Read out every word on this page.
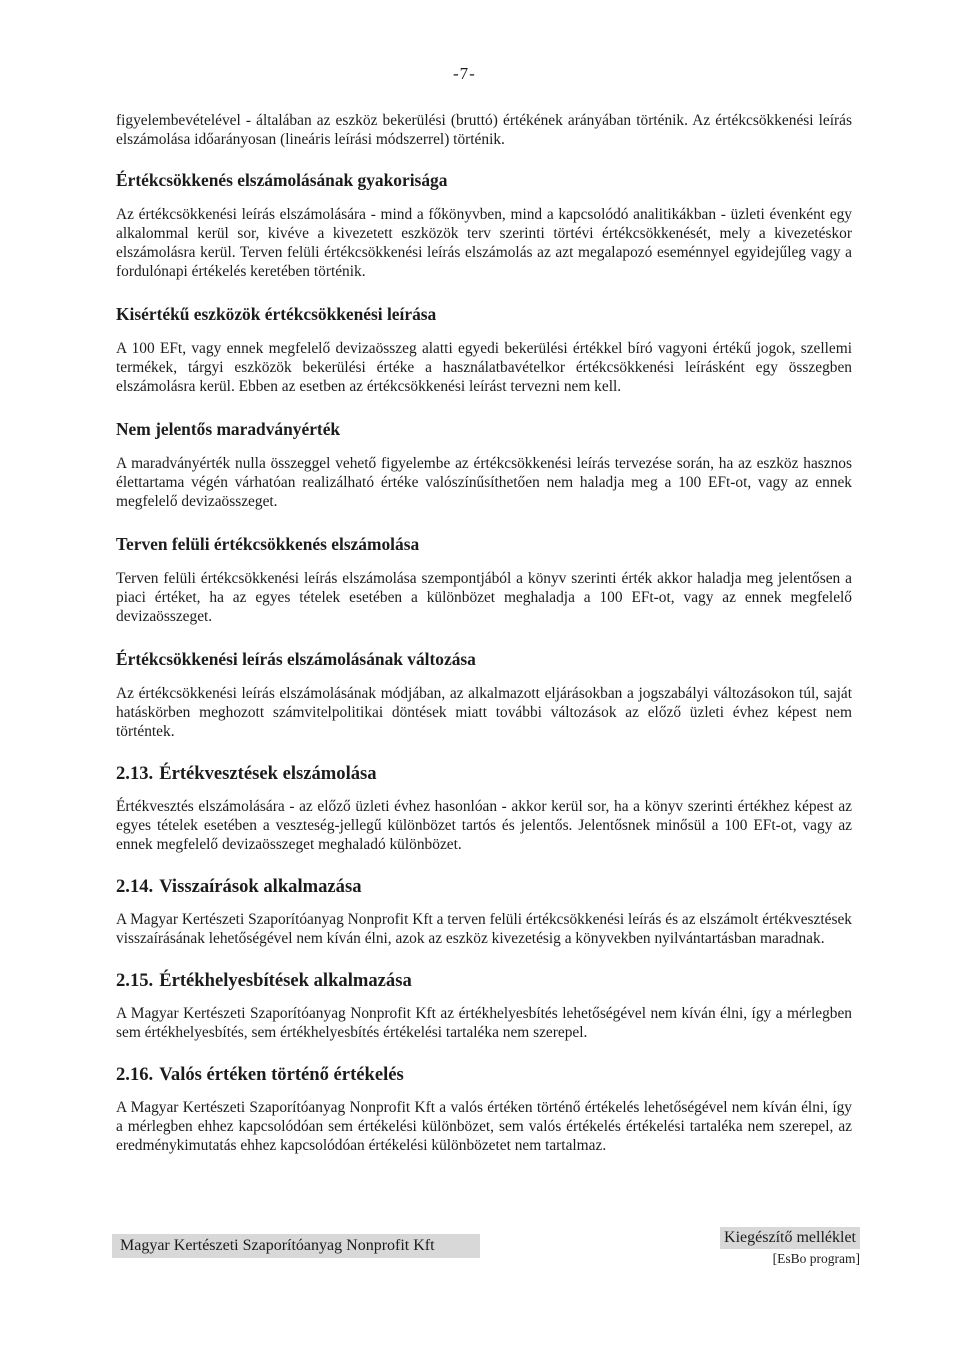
-7-

figyelembevételével - általában az eszköz bekerülési (bruttó) értékének arányában történik. Az értékcsökkenési leírás elszámolása időarányosan (lineáris leírási módszerrel) történik.

Értékcsökkenés elszámolásának gyakorisága

Az értékcsökkenési leírás elszámolására - mind a főkönyvben, mind a kapcsolódó analitikákban - üzleti évenként egy alkalommal kerül sor, kivéve a kivezetett eszközök terv szerinti törtévi értékcsökkenését, mely a kivezetéskor elszámolásra kerül. Terven felüli értékcsökkenési leírás elszámolás az azt megalapozó eseménnyel egyidejűleg vagy a fordulónapi értékelés keretében történik.

Kisértékű eszközök értékcsökkenési leírása

A 100 EFt, vagy ennek megfelelő devizaösszeg alatti egyedi bekerülési értékkel bíró vagyoni értékű jogok, szellemi termékek, tárgyi eszközök bekerülési értéke a használatbavételkor értékcsökkenési leírásként egy összegben elszámolásra kerül. Ebben az esetben az értékcsökkenési leírást tervezni nem kell.

Nem jelentős maradványérték

A maradványérték nulla összeggel vehető figyelembe az értékcsökkenési leírás tervezése során, ha az eszköz hasznos élettartama végén várhatóan realizálható értéke valószínűsíthetően nem haladja meg a 100 EFt-ot, vagy az ennek megfelelő devizaösszeget.

Terven felüli értékcsökkenés elszámolása

Terven felüli értékcsökkenési leírás elszámolása szempontjából a könyv szerinti érték akkor haladja meg jelentősen a piaci értéket, ha az egyes tételek esetében a különbözet meghaladja a 100 EFt-ot, vagy az ennek megfelelő devizaösszeget.

Értékcsökkenési leírás elszámolásának változása

Az értékcsökkenési leírás elszámolásának módjában, az alkalmazott eljárásokban a jogszabályi változásokon túl, saját hatáskörben meghozott számvitelpolitikai döntések miatt további változások az előző üzleti évhez képest nem történtek.

2.13. Értékvesztések elszámolása

Értékvesztés elszámolására - az előző üzleti évhez hasonlóan - akkor kerül sor, ha a könyv szerinti értékhez képest az egyes tételek esetében a veszteség-jellegű különbözet tartós és jelentős. Jelentősnek minősül a 100 EFt-ot, vagy az ennek megfelelő devizaösszeget meghaladó különbözet.

2.14. Visszaírások alkalmazása

A Magyar Kertészeti Szaporítóanyag Nonprofit Kft a terven felüli értékcsökkenési leírás és az elszámolt értékvesztések visszaírásának lehetőségével nem kíván élni, azok az eszköz kivezetésig a könyvekben nyilvántartásban maradnak.

2.15. Értékhelyesbítések alkalmazása

A Magyar Kertészeti Szaporítóanyag Nonprofit Kft az értékhelyesbítés lehetőségével nem kíván élni, így a mérlegben sem értékhelyesbítés, sem értékhelyesbítés értékelési tartaléka nem szerepel.

2.16. Valós értéken történő értékelés

A Magyar Kertészeti Szaporítóanyag Nonprofit Kft a valós értéken történő értékelés lehetőségével nem kíván élni, így a mérlegben ehhez kapcsolódóan sem értékelési különbözet, sem valós értékelés értékelési tartaléka nem szerepel, az eredménykimutatás ehhez kapcsolódóan értékelési különbözetet nem tartalmaz.

Magyar Kertészeti Szaporítóanyag Nonprofit Kft	Kiegészítő melléklet
[EsBo program]
